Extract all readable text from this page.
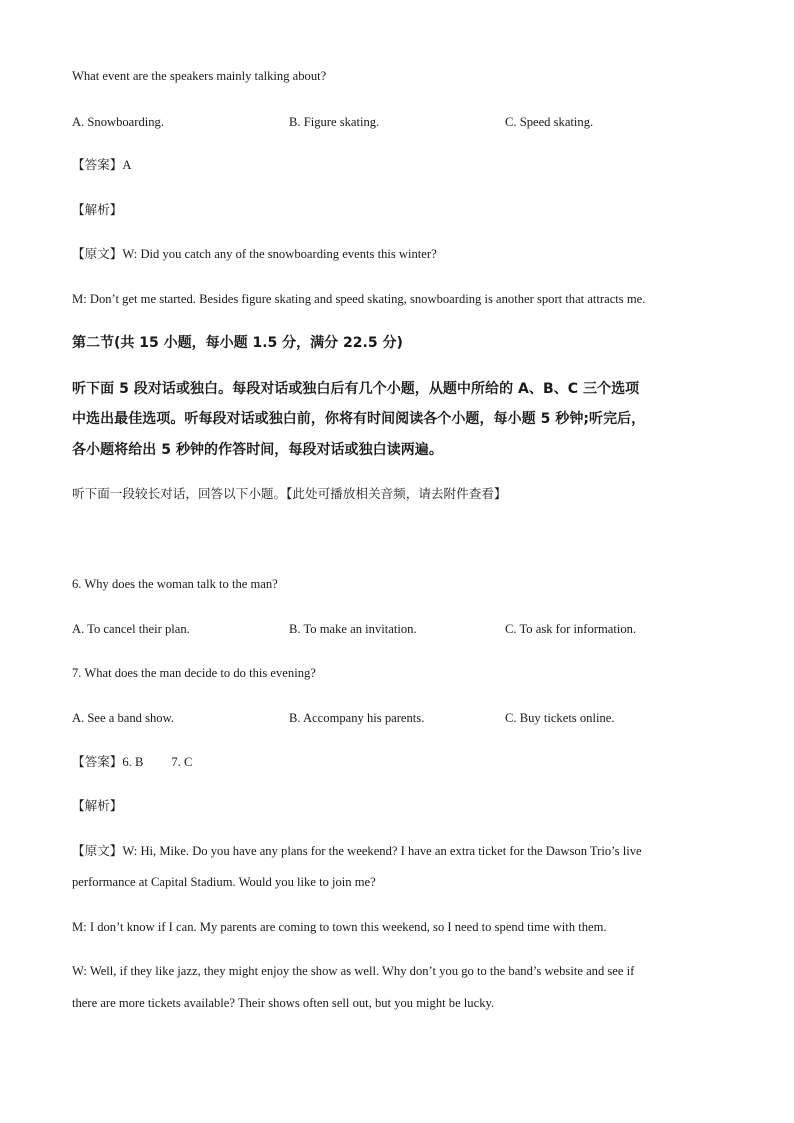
What event are the speakers mainly talking about?
A. Snowboarding.	B. Figure skating.	C. Speed skating.
【答案】A
【解析】
【原文】W: Did you catch any of the snowboarding events this winter?
M: Don’t get me started. Besides figure skating and speed skating, snowboarding is another sport that attracts me.
第二节(共 15 小题，每小题 1.5 分，满分 22.5 分)
听下面 5 段对话或独白。每段对话或独白后有几个小题，从题中所给的 A、B、C 三个选项
中选出最佳选项。听每段对话或独白前，你将有时间阅读各个小题，每小题 5 秒钟;听完后，
各小题将给出 5 秒钟的作答时间，每段对话或独白读两遍。
听下面一段较长对话，回答以下小题。【此处可播放相关音频，请去附件查看】
6. Why does the woman talk to the man?
A. To cancel their plan.	B. To make an invitation.	C. To ask for information.
7. What does the man decide to do this evening?
A. See a band show.	B. Accompany his parents.	C. Buy tickets online.
【答案】6. B 7. C
【解析】
【原文】W: Hi, Mike. Do you have any plans for the weekend? I have an extra ticket for the Dawson Trio’s live
performance at Capital Stadium. Would you like to join me?
M: I don’t know if I can. My parents are coming to town this weekend, so I need to spend time with them.
W: Well, if they like jazz, they might enjoy the show as well. Why don’t you go to the band’s website and see if
there are more tickets available? Their shows often sell out, but you might be lucky.
